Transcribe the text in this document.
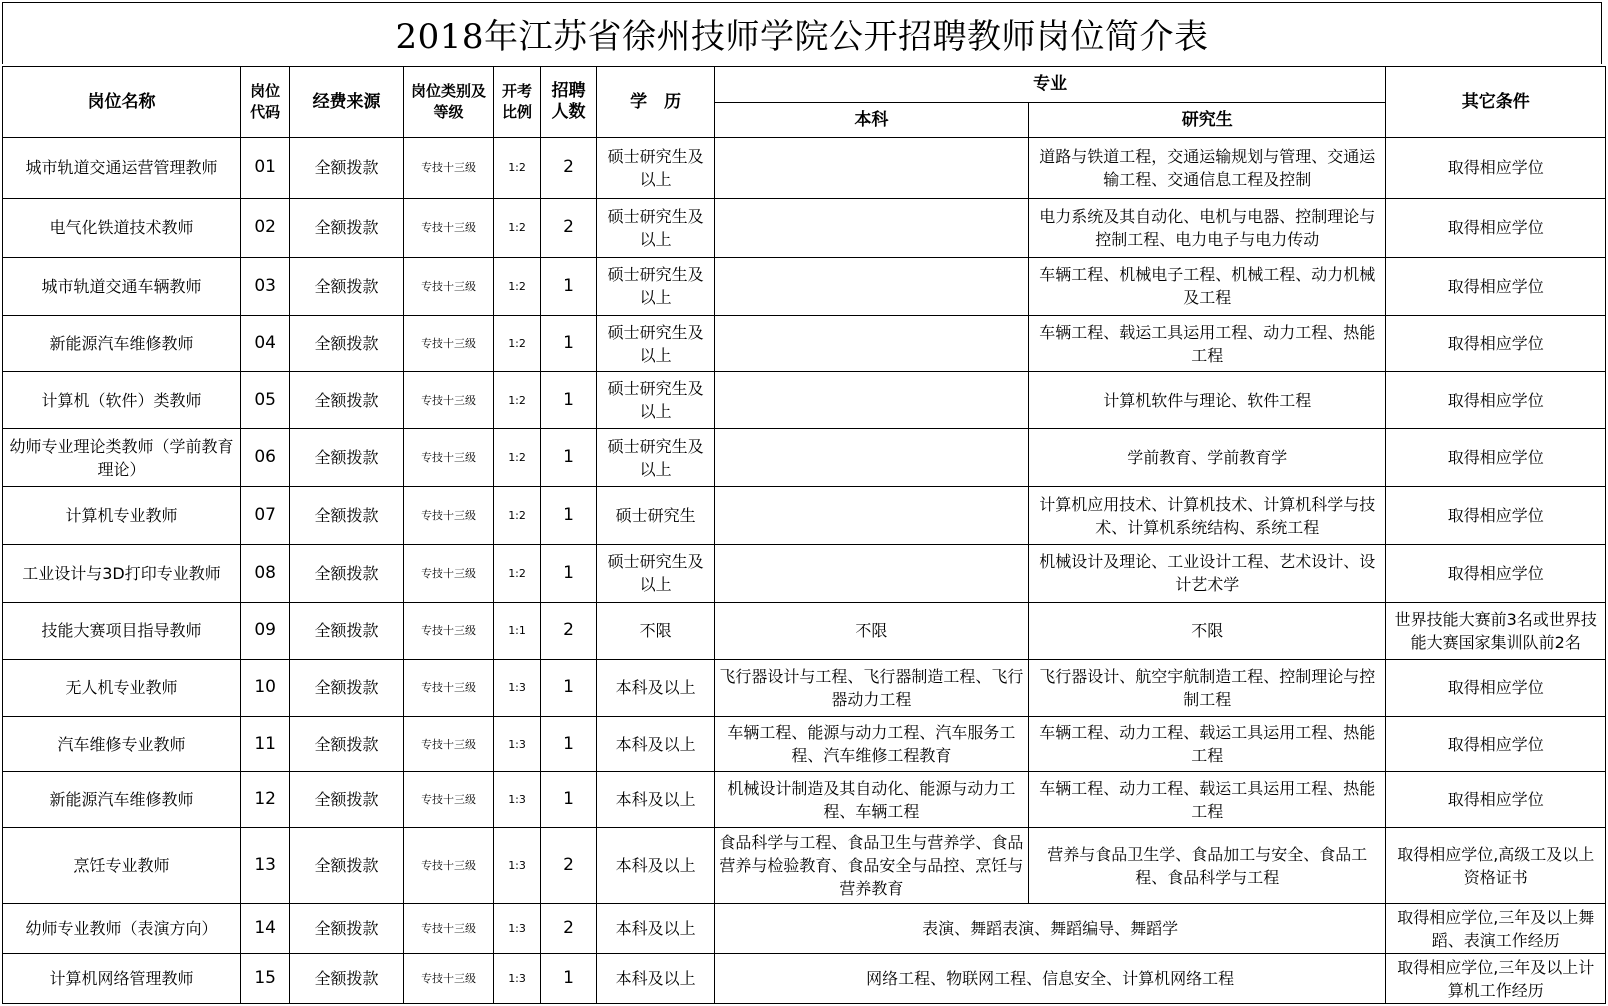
2018年江苏省徐州技师学院公开招聘教师岗位简介表
岗位名称	岗位代码	经费来源	岗位类别及等级	开考比例	招聘人数	学　历	专业		其它条件
							本科	研究生	
城市轨道交通运营管理教师	01	全额拨款	专技十三级	1:2	2	硕士研究生及以上		道路与铁道工程，交通运输规划与管理、交通运输工程、交通信息工程及控制	取得相应学位
电气化铁道技术教师	02	全额拨款	专技十三级	1:2	2	硕士研究生及以上		电力系统及其自动化、电机与电器、控制理论与控制工程、电力电子与电力传动	取得相应学位
城市轨道交通车辆教师	03	全额拨款	专技十三级	1:2	1	硕士研究生及以上		车辆工程、机械电子工程、机械工程、动力机械及工程	取得相应学位
新能源汽车维修教师	04	全额拨款	专技十三级	1:2	1	硕士研究生及以上		车辆工程、载运工具运用工程、动力工程、热能工程	取得相应学位
计算机（软件）类教师	05	全额拨款	专技十三级	1:2	1	硕士研究生及以上		计算机软件与理论、软件工程	取得相应学位
幼师专业理论类教师（学前教育理论）	06	全额拨款	专技十三级	1:2	1	硕士研究生及以上		学前教育、学前教育学	取得相应学位
计算机专业教师	07	全额拨款	专技十三级	1:2	1	硕士研究生		计算机应用技术、计算机技术、计算机科学与技术、计算机系统结构、系统工程	取得相应学位
工业设计与3D打印专业教师	08	全额拨款	专技十三级	1:2	1	硕士研究生及以上		机械设计及理论、工业设计工程、艺术设计、设计艺术学	取得相应学位
技能大赛项目指导教师	09	全额拨款	专技十三级	1:1	2	不限	不限	不限	世界技能大赛前3名或世界技能大赛国家集训队前2名
无人机专业教师	10	全额拨款	专技十三级	1:3	1	本科及以上	飞行器设计与工程、飞行器制造工程、飞行器动力工程	飞行器设计、航空宇航制造工程、控制理论与控制工程	取得相应学位
汽车维修专业教师	11	全额拨款	专技十三级	1:3	1	本科及以上	车辆工程、能源与动力工程、汽车服务工程、汽车维修工程教育	车辆工程、动力工程、载运工具运用工程、热能工程	取得相应学位
新能源汽车维修教师	12	全额拨款	专技十三级	1:3	1	本科及以上	机械设计制造及其自动化、能源与动力工程、车辆工程	车辆工程、动力工程、载运工具运用工程、热能工程	取得相应学位
烹饪专业教师	13	全额拨款	专技十三级	1:3	2	本科及以上	食品科学与工程、食品卫生与营养学、食品营养与检验教育、食品安全与品控、烹饪与营养教育	营养与食品卫生学、食品加工与安全、食品工程、食品科学与工程	取得相应学位,高级工及以上资格证书
幼师专业教师（表演方向）	14	全额拨款	专技十三级	1:3	2	本科及以上	表演、舞蹈表演、舞蹈编导、舞蹈学		取得相应学位,三年及以上舞蹈、表演工作经历
计算机网络管理教师	15	全额拨款	专技十三级	1:3	1	本科及以上	网络工程、物联网工程、信息安全、计算机网络工程		取得相应学位,三年及以上计算机工作经历
